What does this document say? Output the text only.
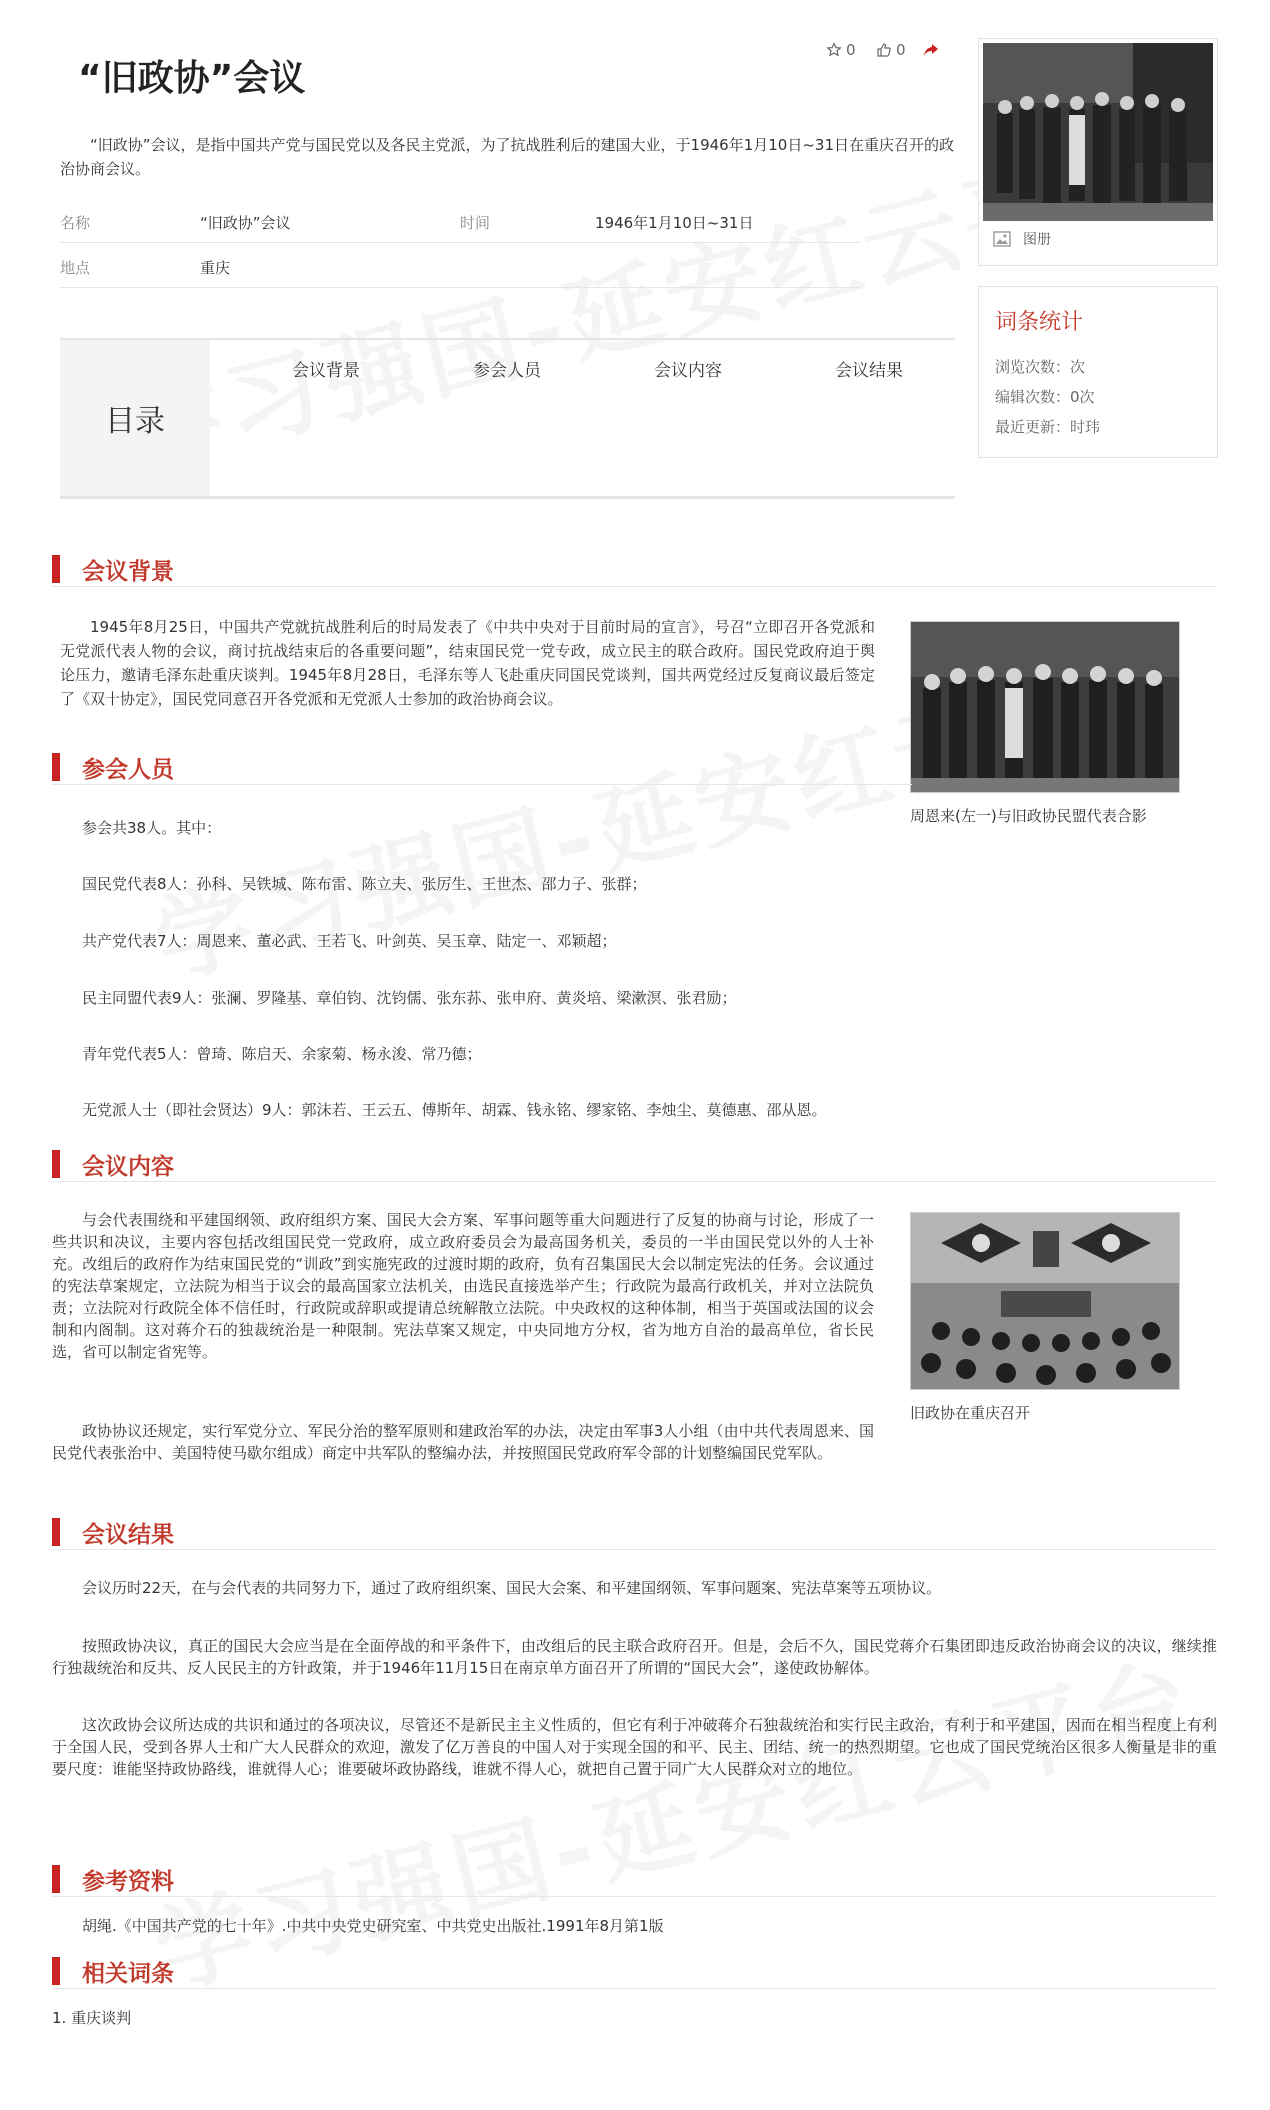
“旧政协”会议
0	0

“旧政协”会议，是指中国共产党与国民党以及各民主党派，为了抗战胜利后的建国大业，于1946年1月10日~31日在重庆召开的政治协商会议。

名称	“旧政协”会议	时间	1946年1月10日~31日
地点	重庆
目录
会议背景	参会人员	会议内容	会议结果
图册
词条统计
浏览次数：次
编辑次数：0次
最近更新：时玮
会议背景

1945年8月25日，中国共产党就抗战胜利后的时局发表了《中共中央对于目前时局的宣言》，号召“立即召开各党派和无党派代表人物的会议，商讨抗战结束后的各重要问题”，结束国民党一党专政，成立民主的联合政府。国民党政府迫于舆论压力，邀请毛泽东赴重庆谈判。1945年8月28日，毛泽东等人飞赴重庆同国民党谈判，国共两党经过反复商议最后签定了《双十协定》，国民党同意召开各党派和无党派人士参加的政治协商会议。

周恩来(左一)与旧政协民盟代表合影
参会人员

参会共38人。其中：

国民党代表8人：孙科、吴铁城、陈布雷、陈立夫、张厉生、王世杰、邵力子、张群；

共产党代表7人：周恩来、董必武、王若飞、叶剑英、吴玉章、陆定一、邓颖超；

民主同盟代表9人：张澜、罗隆基、章伯钧、沈钧儒、张东荪、张申府、黄炎培、梁漱溟、张君励；

青年党代表5人：曾琦、陈启天、余家菊、杨永浚、常乃德；

无党派人士（即社会贤达）9人：郭沫若、王云五、傅斯年、胡霖、钱永铭、缪家铭、李烛尘、莫德惠、邵从恩。

会议内容

与会代表围绕和平建国纲领、政府组织方案、国民大会方案、军事问题等重大问题进行了反复的协商与讨论，形成了一些共识和决议，主要内容包括改组国民党一党政府，成立政府委员会为最高国务机关，委员的一半由国民党以外的人士补充。改组后的政府作为结束国民党的“训政”到实施宪政的过渡时期的政府，负有召集国民大会以制定宪法的任务。会议通过的宪法草案规定，立法院为相当于议会的最高国家立法机关，由选民直接选举产生；行政院为最高行政机关，并对立法院负责；立法院对行政院全体不信任时，行政院或辞职或提请总统解散立法院。中央政权的这种体制，相当于英国或法国的议会制和内阁制。这对蒋介石的独裁统治是一种限制。宪法草案又规定，中央同地方分权，省为地方自治的最高单位，省长民选，省可以制定省宪等。

政协协议还规定，实行军党分立、军民分治的整军原则和建政治军的办法，决定由军事3人小组（由中共代表周恩来、国民党代表张治中、美国特使马歇尔组成）商定中共军队的整编办法，并按照国民党政府军令部的计划整编国民党军队。

旧政协在重庆召开
会议结果

会议历时22天，在与会代表的共同努力下，通过了政府组织案、国民大会案、和平建国纲领、军事问题案、宪法草案等五项协议。

按照政协决议，真正的国民大会应当是在全面停战的和平条件下，由改组后的民主联合政府召开。但是，会后不久，国民党蒋介石集团即违反政治协商会议的决议，继续推行独裁统治和反共、反人民民主的方针政策，并于1946年11月15日在南京单方面召开了所谓的“国民大会”，遂使政协解体。

这次政协会议所达成的共识和通过的各项决议，尽管还不是新民主主义性质的，但它有利于冲破蒋介石独裁统治和实行民主政治，有利于和平建国，因而在相当程度上有利于全国人民，受到各界人士和广大人民群众的欢迎，激发了亿万善良的中国人对于实现全国的和平、民主、团结、统一的热烈期望。它也成了国民党统治区很多人衡量是非的重要尺度：谁能坚持政协路线，谁就得人心；谁要破坏政协路线，谁就不得人心，就把自己置于同广大人民群众对立的地位。

参考资料

胡绳.《中国共产党的七十年》.中共中央党史研究室、中共党史出版社.1991年8月第1版

相关词条
1. 重庆谈判
